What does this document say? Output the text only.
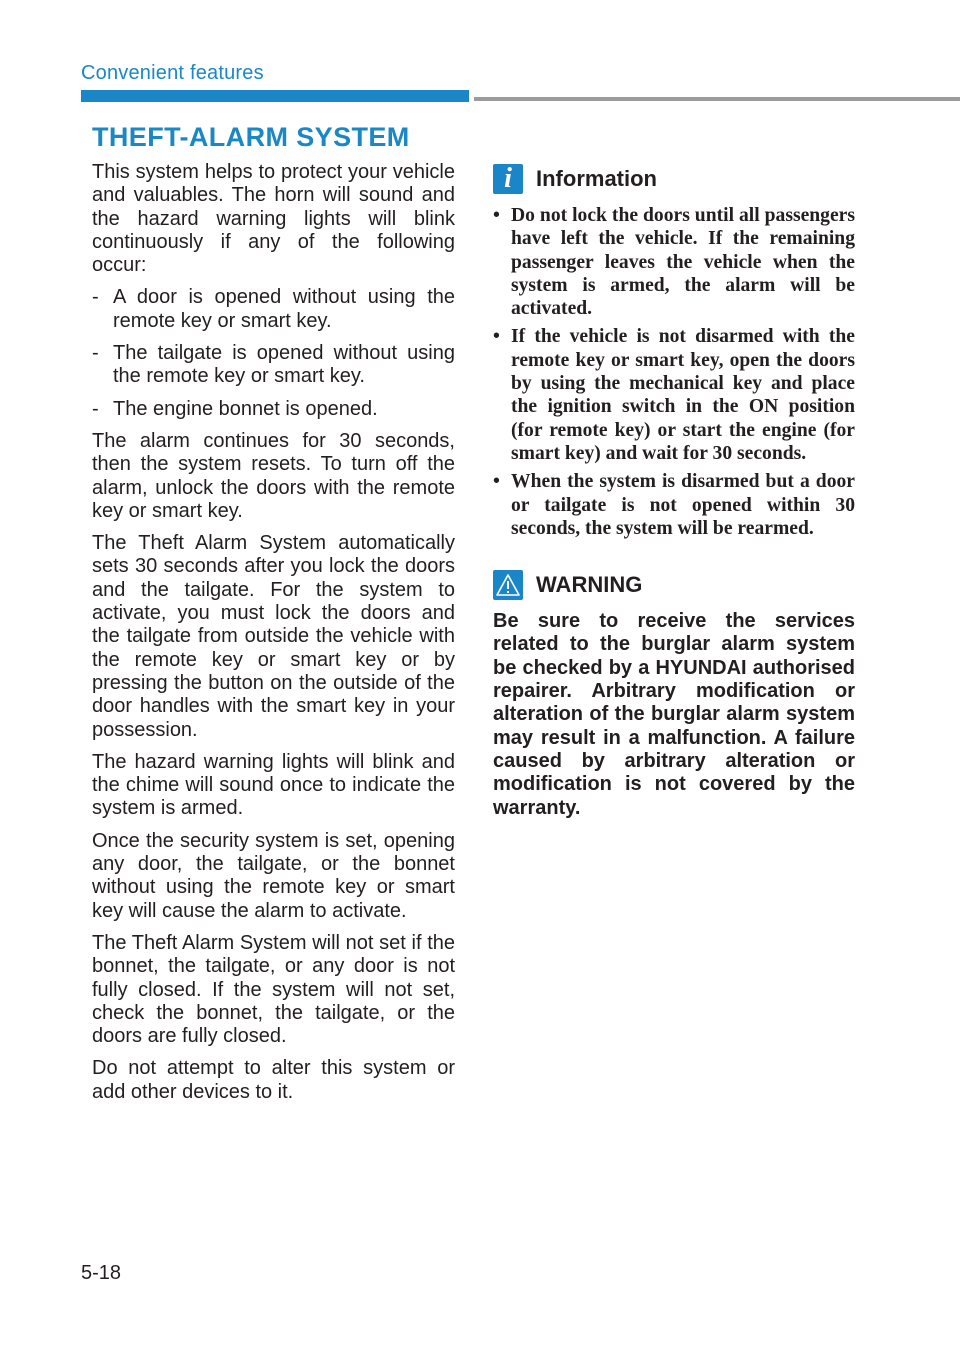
Convenient features
THEFT-ALARM SYSTEM

This system helps to protect your vehicle and valuables. The horn will sound and the hazard warning lights will blink continuously if any of the following occur:

- A door is opened without using the remote key or smart key.
- The tailgate is opened without using the remote key or smart key.
- The engine bonnet is opened.

The alarm continues for 30 seconds, then the system resets. To turn off the alarm, unlock the doors with the remote key or smart key.

The Theft Alarm System automatically sets 30 seconds after you lock the doors and the tailgate. For the system to activate, you must lock the doors and the tailgate from outside the vehicle with the remote key or smart key or by pressing the button on the outside of the door handles with the smart key in your possession.

The hazard warning lights will blink and the chime will sound once to indicate the system is armed.

Once the security system is set, opening any door, the tailgate, or the bonnet without using the remote key or smart key will cause the alarm to activate.

The Theft Alarm System will not set if the bonnet, the tailgate, or any door is not fully closed. If the system will not set, check the bonnet, the tailgate, or the doors are fully closed.

Do not attempt to alter this system or add other devices to it.

i	Information
• Do not lock the doors until all passengers have left the vehicle. If the remaining passenger leaves the vehicle when the system is armed, the alarm will be activated.
• If the vehicle is not disarmed with the remote key or smart key, open the doors by using the mechanical key and place the ignition switch in the ON position (for remote key) or start the engine (for smart key) and wait for 30 seconds.
• When the system is disarmed but a door or tailgate is not opened within 30 seconds, the system will be rearmed.
WARNING

Be sure to receive the services related to the burglar alarm system be checked by a HYUNDAI authorised repairer. Arbitrary modification or alteration of the burglar alarm system may result in a malfunction. A failure caused by arbitrary alteration or modification is not covered by the warranty.

5-18
